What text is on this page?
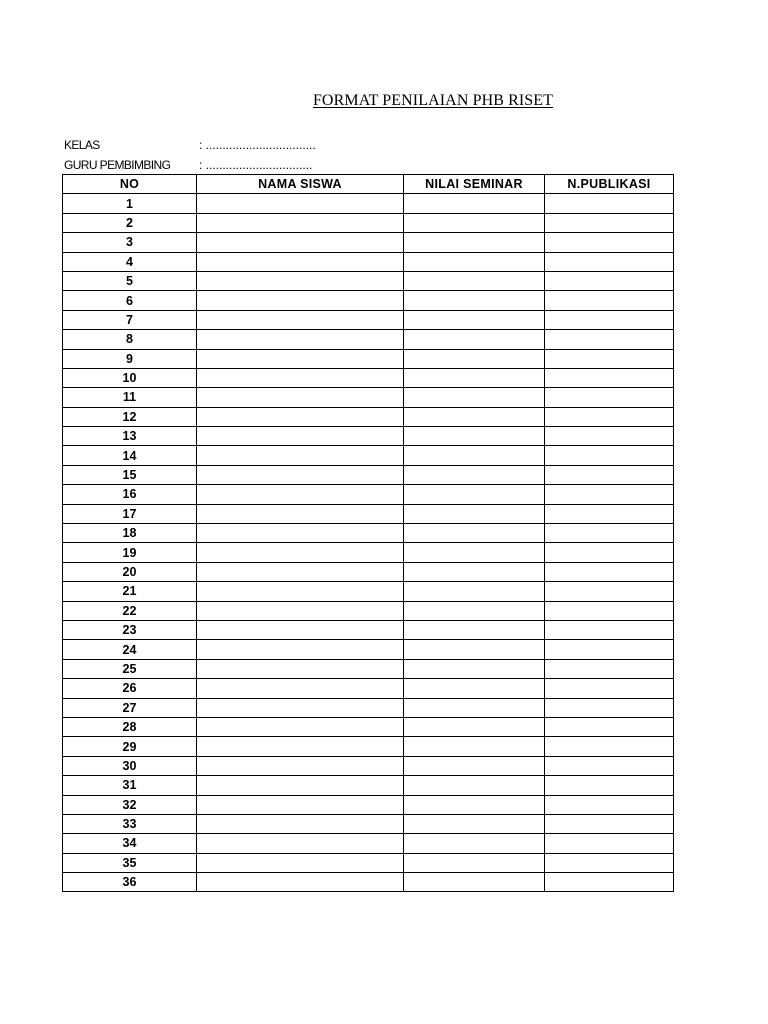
FORMAT PENILAIAN PHB RISET
KELAS	: .................................
GURU PEMBIMBING : ................................
NO	NAMA SISWA	NILAI SEMINAR	N.PUBLIKASI
1			
2			
3			
4			
5			
6			
7			
8			
9			
10			
11			
12			
13			
14			
15			
16			
17			
18			
19			
20			
21			
22			
23			
24			
25			
26			
27			
28			
29			
30			
31			
32			
33			
34			
35			
36			
